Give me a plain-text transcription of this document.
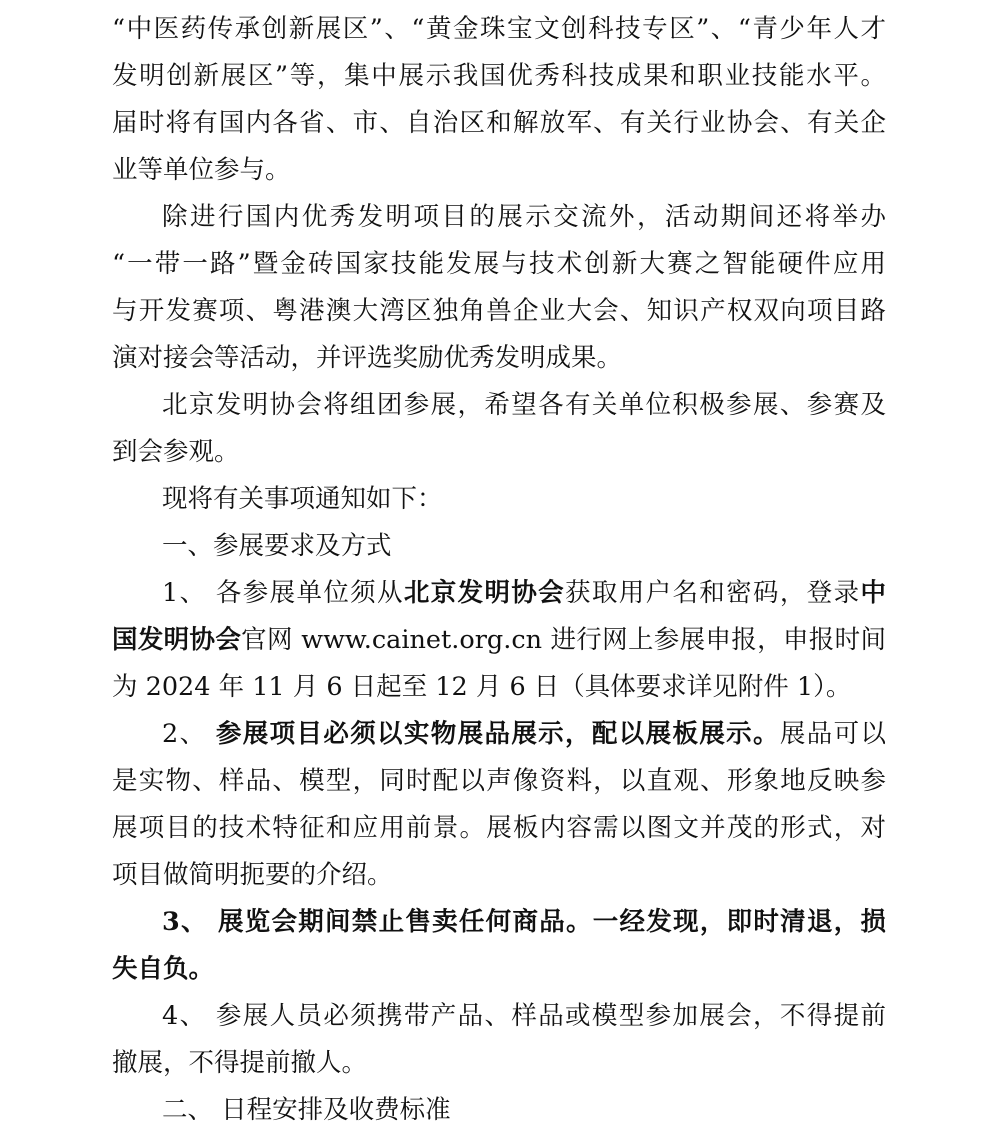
“中医药传承创新展区”、“黄金珠宝文创科技专区”、“青少年人才
发明创新展区”等，集中展示我国优秀科技成果和职业技能水平。
届时将有国内各省、市、自治区和解放军、有关行业协会、有关企
业等单位参与。
除进行国内优秀发明项目的展示交流外，活动期间还将举办
“一带一路”暨金砖国家技能发展与技术创新大赛之智能硬件应用
与开发赛项、粤港澳大湾区独角兽企业大会、知识产权双向项目路
演对接会等活动，并评选奖励优秀发明成果。
北京发明协会将组团参展，希望各有关单位积极参展、参赛及
到会参观。
现将有关事项通知如下：
一、参展要求及方式
1、 各参展单位须从北京发明协会获取用户名和密码，登录中
国发明协会官网 www.cainet.org.cn 进行网上参展申报，申报时间
为 2024 年 11 月 6 日起至 12 月 6 日（具体要求详见附件 1）。
2、 参展项目必须以实物展品展示，配以展板展示。展品可以
是实物、样品、模型，同时配以声像资料，以直观、形象地反映参
展项目的技术特征和应用前景。展板内容需以图文并茂的形式，对
项目做简明扼要的介绍。
3、 展览会期间禁止售卖任何商品。一经发现，即时清退，损
失自负。
4、 参展人员必须携带产品、样品或模型参加展会，不得提前
撤展，不得提前撤人。
二、 日程安排及收费标准
